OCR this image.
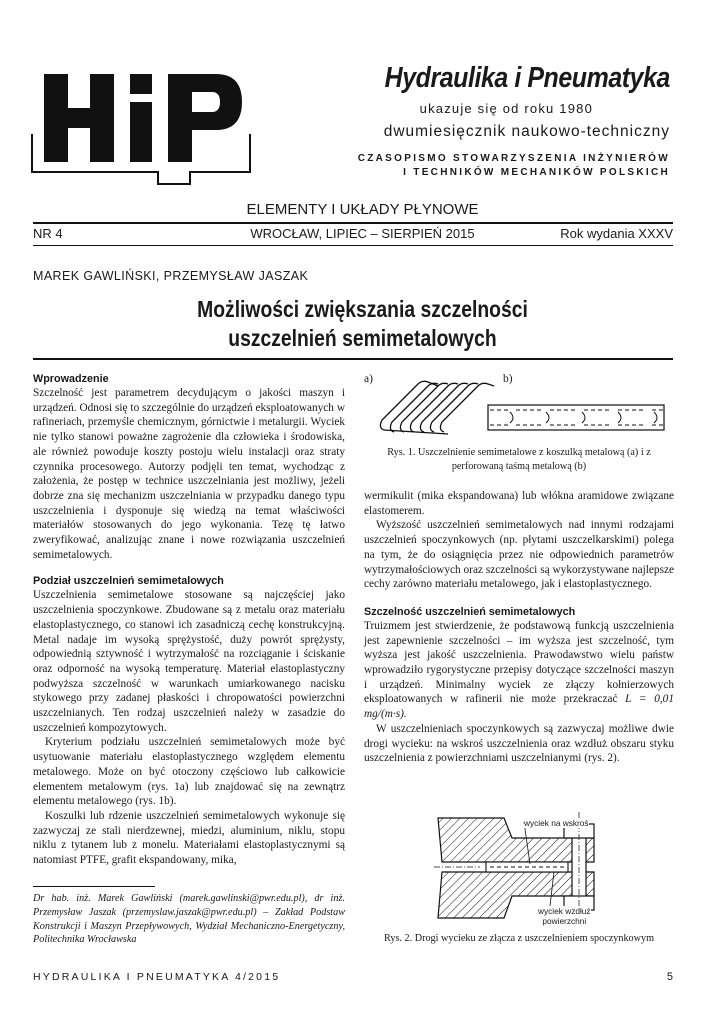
Hydraulika i Pneumatyka
ukazuje się od roku 1980
dwumiesięcznik naukowo-techniczny
CZASOPISMO STOWARZYSZENIA INŻYNIERÓW
I TECHNIKÓW MECHANIKÓW POLSKICH
ELEMENTY I UKŁADY PŁYNOWE
NR 4	WROCŁAW, LIPIEC – SIERPIEŃ 2015	Rok wydania XXXV
MAREK GAWLIŃSKI, PRZEMYSŁAW JASZAK
Możliwości zwiększania szczelności
uszczelnień semimetalowych

Wprowadzenie

Szczelność jest parametrem decydującym o jakości maszyn i urządzeń. Odnosi się to szczególnie do urządzeń eksploatowanych w rafineriach, przemyśle chemicznym, górnictwie i metalurgii. Wyciek nie tylko stanowi poważne zagrożenie dla człowieka i środowiska, ale również powoduje koszty postoju wielu instalacji oraz straty czynnika procesowego. Autorzy podjęli ten temat, wychodząc z założenia, że postęp w technice uszczelniania jest możliwy, jeżeli dobrze zna się mechanizm uszczelniania w przypadku danego typu uszczelnienia i dysponuje się wiedzą na temat właściwości materiałów stosowanych do jego wykonania. Tezę tę łatwo zweryfikować, analizując znane i nowe rozwiązania uszczelnień semimetalowych.

Podział uszczelnień semimetalowych

Uszczelnienia semimetalowe stosowane są najczęściej jako uszczelnienia spoczynkowe. Zbudowane są z metalu oraz materiału elastoplastycznego, co stanowi ich zasadniczą cechę konstrukcyjną. Metal nadaje im wysoką sprężystość, duży powrót sprężysty, odpowiednią sztywność i wytrzymałość na rozciąganie i ściskanie oraz odporność na wysoką temperaturę. Materiał elastoplastyczny podwyższa szczelność w warunkach umiarkowanego nacisku stykowego przy zadanej płaskości i chropowatości powierzchni uszczelnianych. Ten rodzaj uszczelnień należy w zasadzie do uszczelnień kompozytowych.

Kryterium podziału uszczelnień semimetalowych może być usytuowanie materiału elastoplastycznego względem elementu metalowego. Może on być otoczony częściowo lub całkowicie elementem metalowym (rys. 1a) lub znajdować się na zewnątrz elementu metalowego (rys. 1b).

Koszulki lub rdzenie uszczelnień semimetalowych wykonuje się zazwyczaj ze stali nierdzewnej, miedzi, aluminium, niklu, stopu niklu z tytanem lub z monelu. Materiałami elastoplastycznymi są natomiast PTFE, grafit ekspandowany, mika,

Dr hab. inż. Marek Gawliński (marek.gawlinski@pwr.edu.pl), dr inż. Przemysław Jaszak (przemyslaw.jaszak@pwr.edu.pl) – Zakład Podstaw Konstrukcji i Maszyn Przepływowych, Wydział Mechaniczno-Energetyczny, Politechnika Wrocławska
a)	b)
Rys. 1. Uszczelnienie semimetalowe z koszulką metalową (a) i z perforowaną taśmą metalową (b)

wermikulit (mika ekspandowana) lub włókna aramidowe związane elastomerem.

Wyższość uszczelnień semimetalowych nad innymi rodzajami uszczelnień spoczynkowych (np. płytami uszczelkarskimi) polega na tym, że do osiągnięcia przez nie odpowiednich parametrów wytrzymałościowych oraz szczelności są wykorzystywane najlepsze cechy zarówno materiału metalowego, jak i elastoplastycznego.

Szczelność uszczelnień semimetalowych

Truizmem jest stwierdzenie, że podstawową funkcją uszczelnienia jest zapewnienie szczelności – im wyższa jest szczelność, tym wyższa jest jakość uszczelnienia. Prawodawstwo wielu państw wprowadziło rygorystyczne przepisy dotyczące szczelności maszyn i urządzeń. Minimalny wyciek ze złączy kołnierzowych eksploatowanych w rafinerii nie może przekraczać L = 0,01 mg/(m·s).

W uszczelnieniach spoczynkowych są zazwyczaj możliwe dwie drogi wycieku: na wskroś uszczelnienia oraz wzdłuż obszaru styku uszczelnienia z powierzchniami uszczelnianymi (rys. 2).

wyciek na wskroś
wyciek wzdłuż
powierzchni
Rys. 2. Drogi wycieku ze złącza z uszczelnieniem spoczynkowym
HYDRAULIKA I PNEUMATYKA 4/2015	5
